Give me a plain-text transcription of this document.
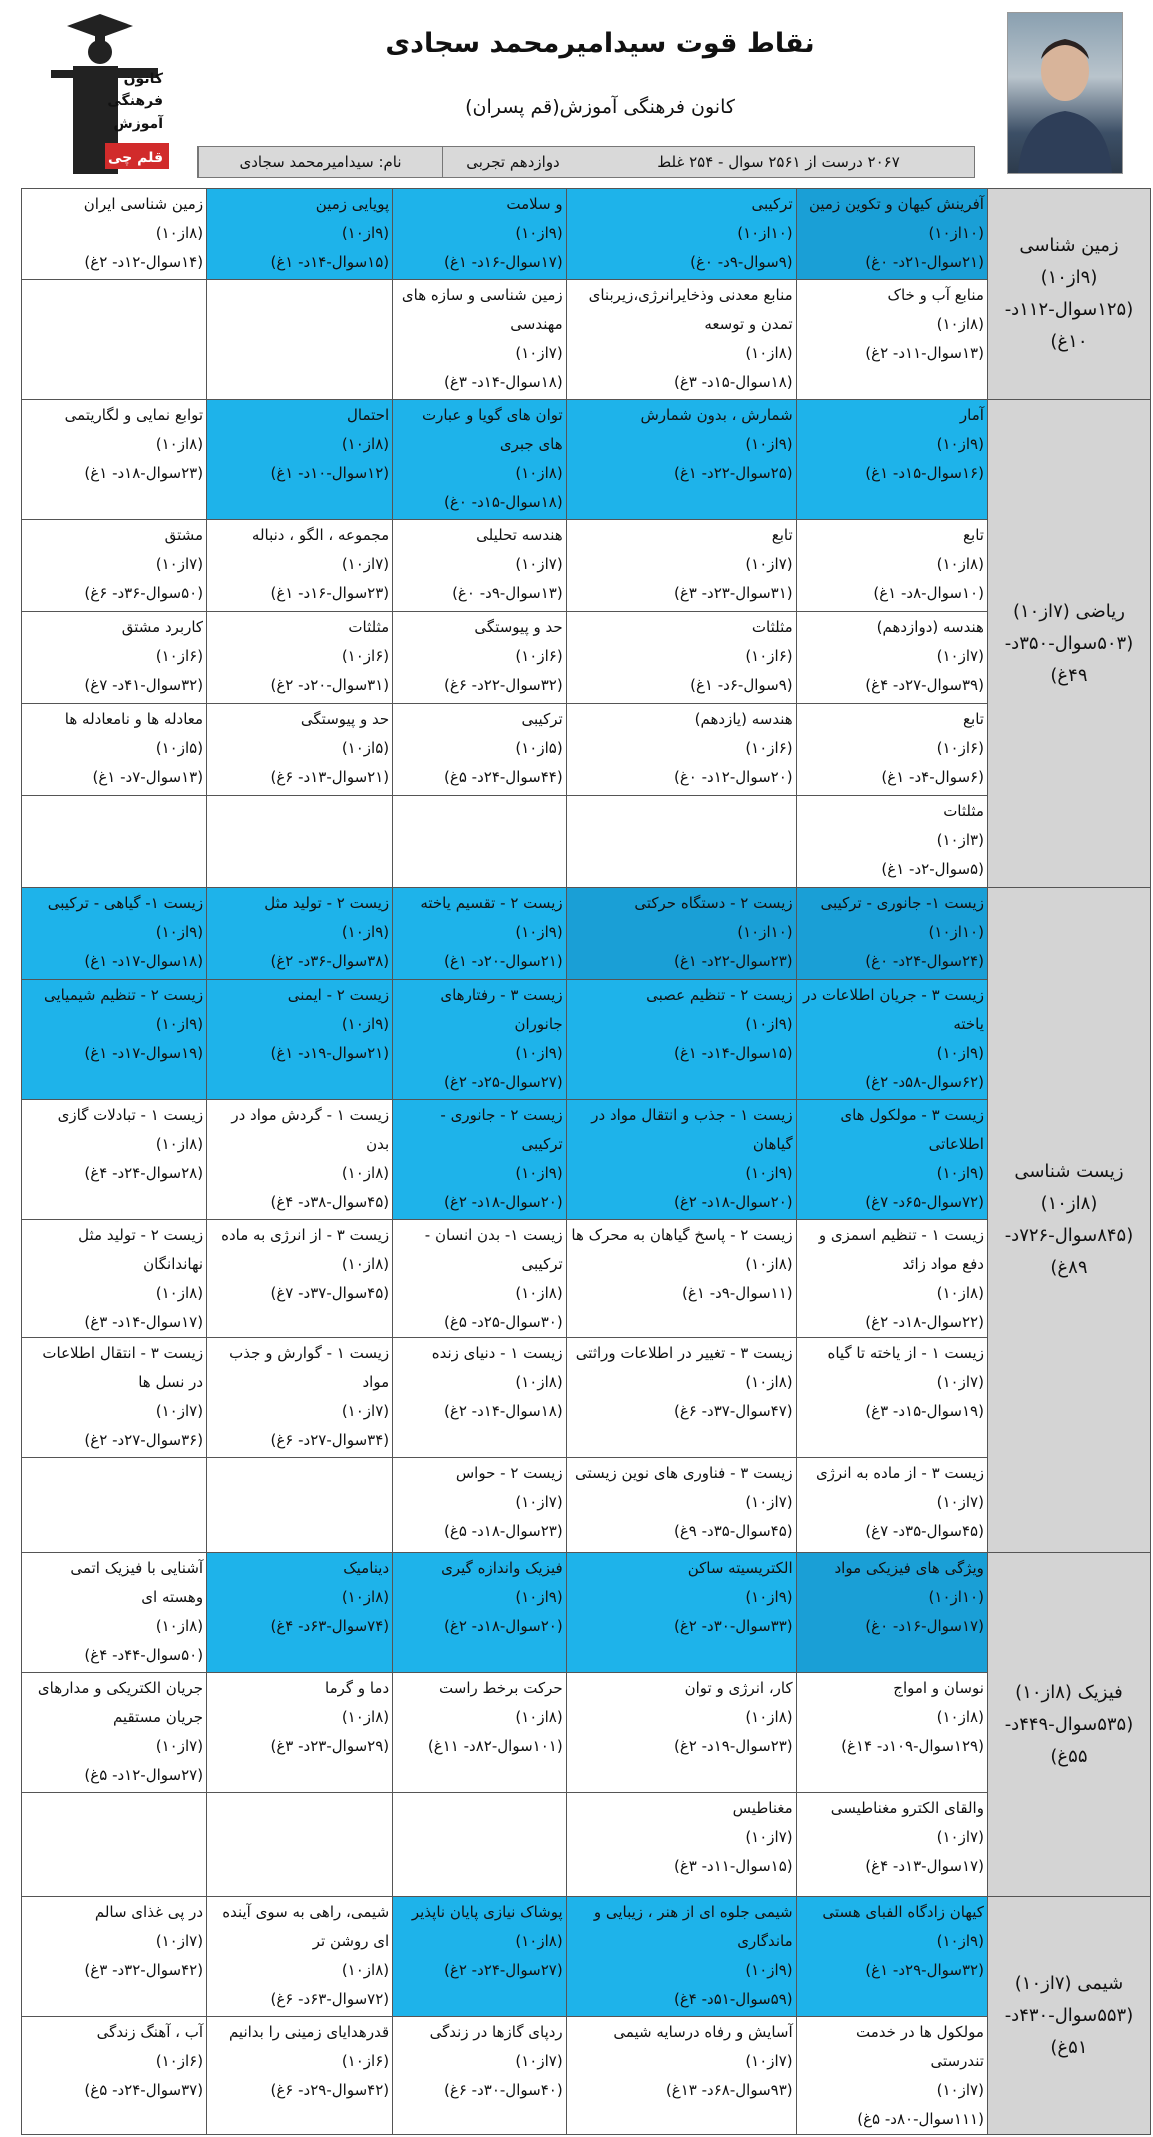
کانون
فرهنگی
آموزش
قلم چی
نقاط قوت سیدامیرمحمد سجادی
کانون فرهنگی آموزش(قم پسران)
نام: سیدامیرمحمد سجادی	دوازدهم تجربی	۲۰۶۷ درست از ۲۵۶۱ سوال - ۲۵۴ غلط
زمین شناسی (۹از۱۰) (۱۲۵سوال-۱۱۲د- ۱۰غ)	آفرینش کیهان و تکوین زمین
(۱۰از۱۰)
(۲۱سوال-۲۱د- ۰غ)	ترکیبی
(۱۰از۱۰)
(۹سوال-۹د- ۰غ)	و سلامت
(۹از۱۰)
(۱۷سوال-۱۶د- ۱غ)	پویایی زمین
(۹از۱۰)
(۱۵سوال-۱۴د- ۱غ)	زمین شناسی ایران
(۸از۱۰)
(۱۴سوال-۱۲د- ۲غ)

	منابع آب و خاک
(۸از۱۰)
(۱۳سوال-۱۱د- ۲غ)	منابع معدنی وذخایرانرژی،زیربنای تمدن و توسعه
(۸از۱۰)
(۱۸سوال-۱۵د- ۳غ)	زمین شناسی و سازه های مهندسی
(۷از۱۰)
(۱۸سوال-۱۴د- ۳غ)		

ریاضی (۷از۱۰) (۵۰۳سوال-۳۵۰د- ۴۹غ)	آمار
(۹از۱۰)
(۱۶سوال-۱۵د- ۱غ)	شمارش ، بدون شمارش
(۹از۱۰)
(۲۵سوال-۲۲د- ۱غ)	توان های گویا و عبارت های جبری
(۸از۱۰)
(۱۸سوال-۱۵د- ۰غ)	احتمال
(۸از۱۰)
(۱۲سوال-۱۰د- ۱غ)	توابع نمایی و لگاریتمی
(۸از۱۰)
(۲۳سوال-۱۸د- ۱غ)

	تابع
(۸از۱۰)
(۱۰سوال-۸د- ۱غ)	تابع
(۷از۱۰)
(۳۱سوال-۲۳د- ۳غ)	هندسه تحلیلی
(۷از۱۰)
(۱۳سوال-۹د- ۰غ)	مجموعه ، الگو ، دنباله
(۷از۱۰)
(۲۳سوال-۱۶د- ۱غ)	مشتق
(۷از۱۰)
(۵۰سوال-۳۶د- ۶غ)

	هندسه (دوازدهم)
(۷از۱۰)
(۳۹سوال-۲۷د- ۴غ)	مثلثات
(۶از۱۰)
(۹سوال-۶د- ۱غ)	حد و پیوستگی
(۶از۱۰)
(۳۲سوال-۲۲د- ۶غ)	مثلثات
(۶از۱۰)
(۳۱سوال-۲۰د- ۲غ)	کاربرد مشتق
(۶از۱۰)
(۳۲سوال-۴۱د- ۷غ)

	تابع
(۶از۱۰)
(۶سوال-۴د- ۱غ)	هندسه (یازدهم)
(۶از۱۰)
(۲۰سوال-۱۲د- ۰غ)	ترکیبی
(۵از۱۰)
(۴۴سوال-۲۴د- ۵غ)	حد و پیوستگی
(۵از۱۰)
(۲۱سوال-۱۳د- ۶غ)	معادله ها و نامعادله ها
(۵از۱۰)
(۱۳سوال-۷د- ۱غ)

	مثلثات
(۳از۱۰)
(۵سوال-۲د- ۱غ)				

زیست شناسی (۸از۱۰) (۸۴۵سوال-۷۲۶د- ۸۹غ)	زیست ۱- جانوری - ترکیبی
(۱۰از۱۰)
(۲۴سوال-۲۴د- ۰غ)	زیست ۲ - دستگاه حرکتی
(۱۰از۱۰)
(۲۳سوال-۲۲د- ۱غ)	زیست ۲ - تقسیم یاخته
(۹از۱۰)
(۲۱سوال-۲۰د- ۱غ)	زیست ۲ - تولید مثل
(۹از۱۰)
(۳۸سوال-۳۶د- ۲غ)	زیست ۱- گیاهی - ترکیبی
(۹از۱۰)
(۱۸سوال-۱۷د- ۱غ)

	زیست ۳ - جریان اطلاعات در یاخته
(۹از۱۰)
(۶۲سوال-۵۸د- ۲غ)	زیست ۲ - تنظیم عصبی
(۹از۱۰)
(۱۵سوال-۱۴د- ۱غ)	زیست ۳ - رفتارهای جانوران
(۹از۱۰)
(۲۷سوال-۲۵د- ۲غ)	زیست ۲ - ایمنی
(۹از۱۰)
(۲۱سوال-۱۹د- ۱غ)	زیست ۲ - تنظیم شیمیایی
(۹از۱۰)
(۱۹سوال-۱۷د- ۱غ)

	زیست ۳ - مولکول های اطلاعاتی
(۹از۱۰)
(۷۲سوال-۶۵د- ۷غ)	زیست ۱ - جذب و انتقال مواد در گیاهان
(۹از۱۰)
(۲۰سوال-۱۸د- ۲غ)	زیست ۲ - جانوری - ترکیبی
(۹از۱۰)
(۲۰سوال-۱۸د- ۲غ)	زیست ۱ - گردش مواد در بدن
(۸از۱۰)
(۴۵سوال-۳۸د- ۴غ)	زیست ۱ - تبادلات گازی
(۸از۱۰)
(۲۸سوال-۲۴د- ۴غ)

	زیست ۱ - تنظیم اسمزی و دفع مواد زائد
(۸از۱۰)
(۲۲سوال-۱۸د- ۲غ)	زیست ۲ - پاسخ گیاهان به محرک ها
(۸از۱۰)
(۱۱سوال-۹د- ۱غ)	زیست ۱- بدن انسان - ترکیبی
(۸از۱۰)
(۳۰سوال-۲۵د- ۵غ)	زیست ۳ - از انرژی به ماده
(۸از۱۰)
(۴۵سوال-۳۷د- ۷غ)	زیست ۲ - تولید مثل نهاندانگان
(۸از۱۰)
(۱۷سوال-۱۴د- ۳غ)

	زیست ۱ - از یاخته تا گیاه
(۷از۱۰)
(۱۹سوال-۱۵د- ۳غ)	زیست ۳ - تغییر در اطلاعات وراثتی
(۸از۱۰)
(۴۷سوال-۳۷د- ۶غ)	زیست ۱ - دنیای زنده
(۸از۱۰)
(۱۸سوال-۱۴د- ۲غ)	زیست ۱ - گوارش و جذب مواد
(۷از۱۰)
(۳۴سوال-۲۷د- ۶غ)	زیست ۳ - انتقال اطلاعات در نسل ها
(۷از۱۰)
(۳۶سوال-۲۷د- ۲غ)

	زیست ۳ - از ماده به انرژی
(۷از۱۰)
(۴۵سوال-۳۵د- ۷غ)	زیست ۳ - فناوری های نوین زیستی
(۷از۱۰)
(۴۵سوال-۳۵د- ۹غ)	زیست ۲ - حواس
(۷از۱۰)
(۲۳سوال-۱۸د- ۵غ)		

فیزیک (۸از۱۰) (۵۳۵سوال-۴۴۹د- ۵۵غ)	ویژگی های فیزیکی مواد
(۱۰از۱۰)
(۱۷سوال-۱۶د- ۰غ)	الکتریسیته ساکن
(۹از۱۰)
(۳۳سوال-۳۰د- ۲غ)	فیزیک واندازه گیری
(۹از۱۰)
(۲۰سوال-۱۸د- ۲غ)	دینامیک
(۸از۱۰)
(۷۴سوال-۶۳د- ۴غ)	آشنایی با فیزیک اتمی وهسته ای
(۸از۱۰)
(۵۰سوال-۴۴د- ۴غ)

	نوسان و امواج
(۸از۱۰)
(۱۲۹سوال-۱۰۹د- ۱۴غ)	کار، انرژی و توان
(۸از۱۰)
(۲۳سوال-۱۹د- ۲غ)	حرکت برخط راست
(۸از۱۰)
(۱۰۱سوال-۸۲د- ۱۱غ)	دما و گرما
(۸از۱۰)
(۲۹سوال-۲۳د- ۳غ)	جریان الکتریکی و مدارهای جریان مستقیم
(۷از۱۰)
(۲۷سوال-۱۲د- ۵غ)

	والقای الکترو مغناطیسی
(۷از۱۰)
(۱۷سوال-۱۳د- ۴غ)	مغناطیس
(۷از۱۰)
(۱۵سوال-۱۱د- ۳غ)			

شیمی (۷از۱۰) (۵۵۳سوال-۴۳۰د- ۵۱غ)	کیهان زادگاه الفبای هستی
(۹از۱۰)
(۳۲سوال-۲۹د- ۱غ)	شیمی جلوه ای از هنر ، زیبایی و ماندگاری
(۹از۱۰)
(۵۹سوال-۵۱د- ۴غ)	پوشاک نیازی پایان ناپذیر
(۸از۱۰)
(۲۷سوال-۲۴د- ۲غ)	شیمی، راهی به سوی آینده ای روشن تر
(۸از۱۰)
(۷۲سوال-۶۳د- ۶غ)	در پی غذای سالم
(۷از۱۰)
(۴۲سوال-۳۲د- ۳غ)

	مولکول ها در خدمت تندرستی
(۷از۱۰)
(۱۱۱سوال-۸۰د- ۵غ)	آسایش و رفاه درسایه شیمی
(۷از۱۰)
(۹۳سوال-۶۸د- ۱۳غ)	ردپای گازها در زندگی
(۷از۱۰)
(۴۰سوال-۳۰د- ۶غ)	قدرهدایای زمینی را بدانیم
(۶از۱۰)
(۴۲سوال-۲۹د- ۶غ)	آب ، آهنگ زندگی
(۶از۱۰)
(۳۷سوال-۲۴د- ۵غ)
